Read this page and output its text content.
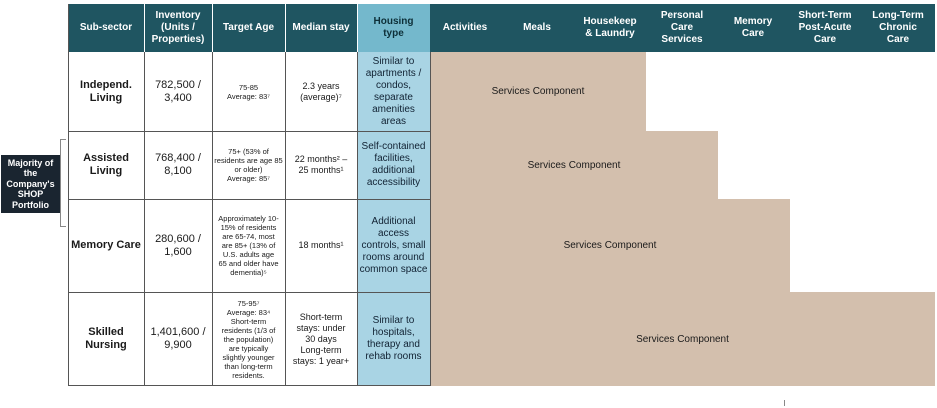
Sub-sector
Inventory (Units / Properties)
Target Age	Median stay
Housing type
Activities	Meals
Housekeep & Laundry
Personal Care Services
Memory Care
Short-Term Post-Acute Care
Long-Term Chronic Care
Services Component
Services Component
Services Component
Services Component
Independ. Living
782,500 / 3,400
75-85
Average: 83⁷
2.3 years (average)⁷
Similar to apartments / condos, separate amenities areas
Assisted Living
768,400 / 8,100
75+ (53% of residents are age 85 or older)
Average: 85⁷
22 months² – 25 months¹
Self-contained facilities, additional accessibility
Memory Care
280,600 / 1,600
Approximately 10-15% of residents are 65-74, most are 85+ (13% of U.S. adults age 65 and older have dementia)⁵
18 months¹
Additional access controls, small rooms around common space
Skilled Nursing
1,401,600 / 9,900
75-95⁷
Average: 83⁴
Short-term residents (1/3 of the population) are typically slightly younger than long-term residents.
Short-term stays: under 30 days
Long-term stays: 1 year+
Similar to hospitals, therapy and rehab rooms
Majority of the Company's SHOP Portfolio
